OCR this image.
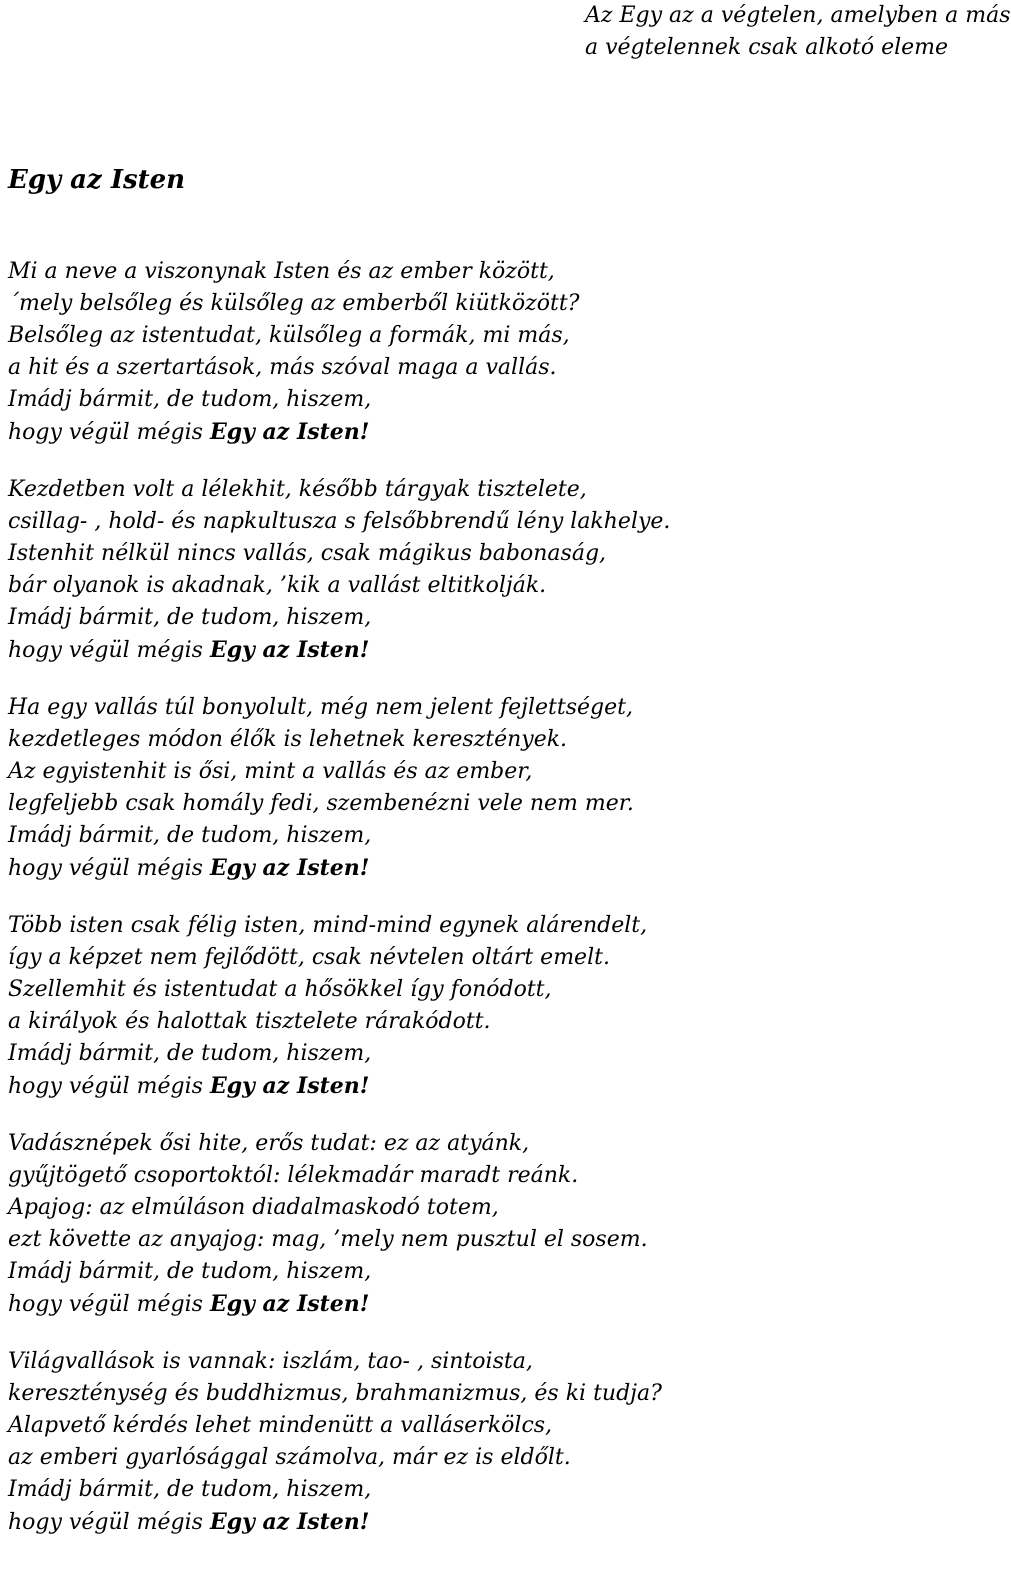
Az Egy az a végtelen, amelyben a más
a végtelennek csak alkotó eleme
Egy az Isten
Mi a neve a viszonynak Isten és az ember között,
´mely belsőleg és külsőleg az emberből kiütközött?
Belsőleg az istentudat, külsőleg a formák, mi más,
a hit és a szertartások, más szóval maga a vallás.
Imádj bármit, de tudom, hiszem,
hogy végül mégis Egy az Isten!
Kezdetben volt a lélekhit, később tárgyak tisztelete,
csillag- , hold- és napkultusza s felsőbbrendű lény lakhelye.
Istenhit nélkül nincs vallás, csak mágikus babonaság,
bár olyanok is akadnak, ’kik a vallást eltitkolják.
Imádj bármit, de tudom, hiszem,
hogy végül mégis Egy az Isten!
Ha egy vallás túl bonyolult, még nem jelent fejlettséget,
kezdetleges módon élők is lehetnek keresztények.
Az egyistenhit is ősi, mint a vallás és az ember,
legfeljebb csak homály fedi, szembenézni vele nem mer.
Imádj bármit, de tudom, hiszem,
hogy végül mégis Egy az Isten!
Több isten csak félig isten, mind-mind egynek alárendelt,
így a képzet nem fejlődött, csak névtelen oltárt emelt.
Szellemhit és istentudat a hősökkel így fonódott,
a királyok és halottak tisztelete rárakódott.
Imádj bármit, de tudom, hiszem,
hogy végül mégis Egy az Isten!
Vadásznépek ősi hite, erős tudat: ez az atyánk,
gyűjtögető csoportoktól: lélekmadár maradt reánk.
Apajog: az elmúláson diadalmaskodó totem,
ezt követte az anyajog: mag, ’mely nem pusztul el sosem.
Imádj bármit, de tudom, hiszem,
hogy végül mégis Egy az Isten!
Világvallások is vannak: iszlám, tao- , sintoista,
kereszténység és buddhizmus, brahmanizmus, és ki tudja?
Alapvető kérdés lehet mindenütt a valláserkölcs,
az emberi gyarlósággal számolva, már ez is eldőlt.
Imádj bármit, de tudom, hiszem,
hogy végül mégis Egy az Isten!
